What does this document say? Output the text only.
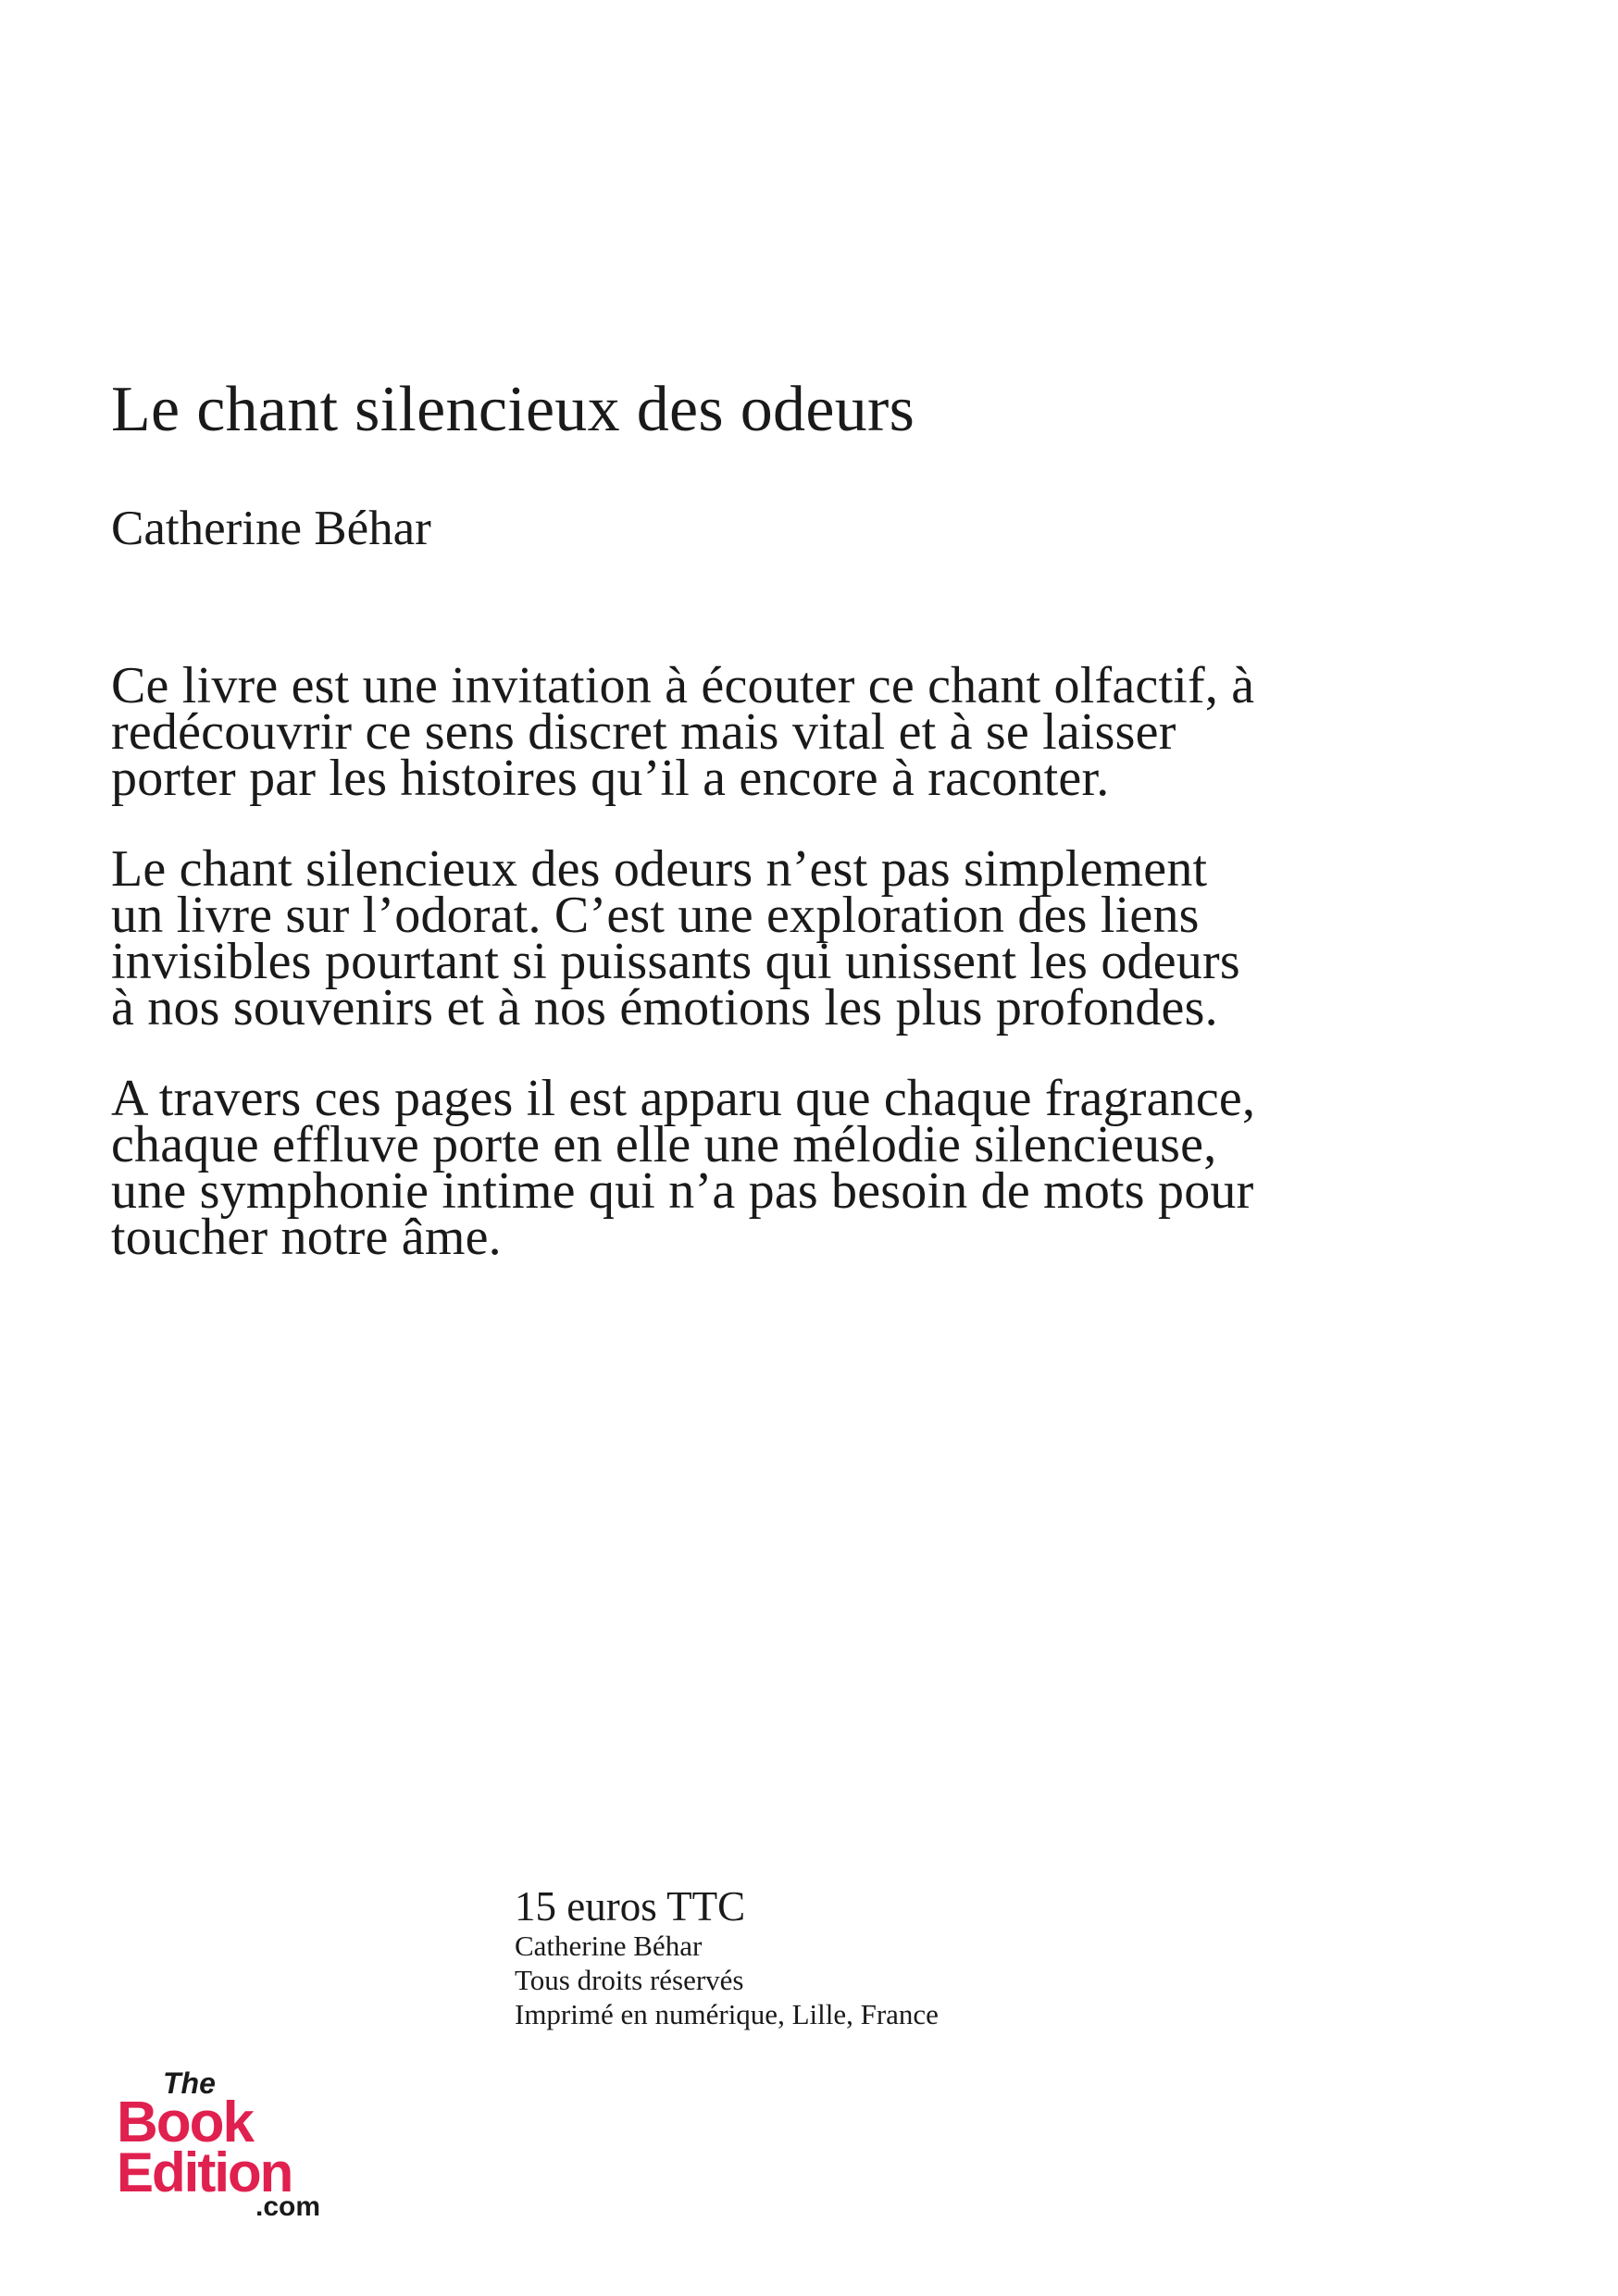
Le chant silencieux des odeurs
Catherine Béhar

Ce livre est une invitation à écouter ce chant olfactif, à redécouvrir ce sens discret mais vital et à se laisser porter par les histoires qu’il a encore à raconter.

Le chant silencieux des odeurs n’est pas simplement un livre sur l’odorat. C’est une exploration des liens invisibles pourtant si puissants qui unissent les odeurs à nos souvenirs et à nos émotions les plus profondes.

A travers ces pages il est apparu que chaque fragrance, chaque effluve porte en elle une mélodie silencieuse, une symphonie intime qui n’a pas besoin de mots pour toucher notre âme.

15 euros TTC

Catherine Béhar

Tous droits réservés

Imprimé en numérique, Lille, France

The
Book
Edition
.com
